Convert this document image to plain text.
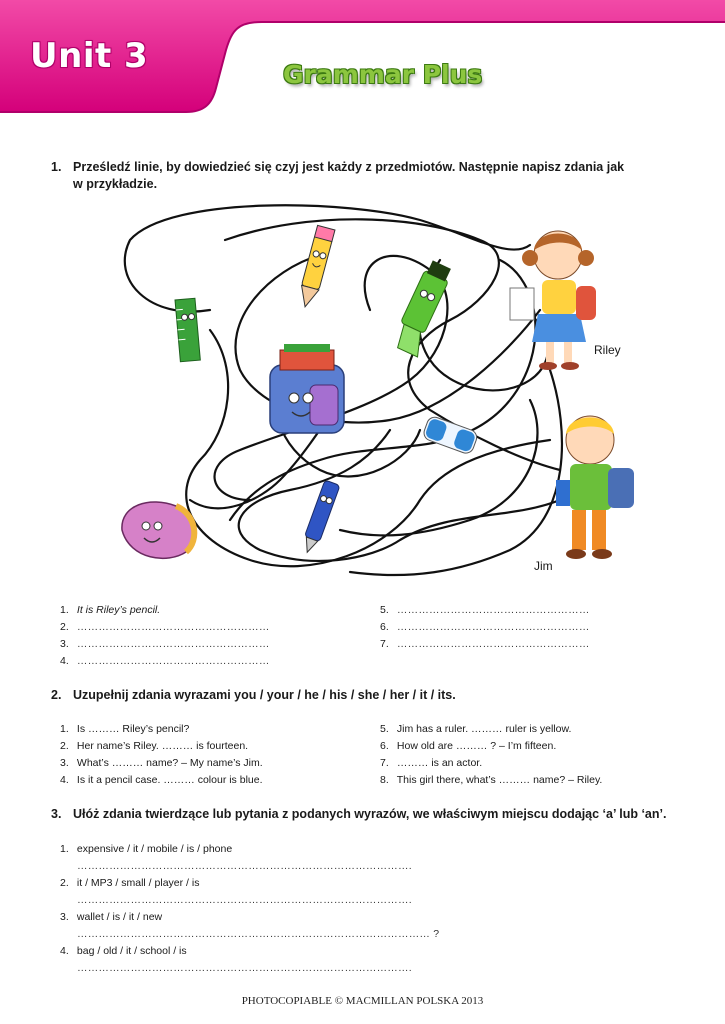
Unit 3	Grammar Plus
1. Prześledź linie, by dowiedzieć się czyj jest każdy z przedmiotów. Następnie napisz zdania jak
w przykładzie.
Riley
Jim
1. It is Riley’s pencil.
2. ………………………………………………
3. ………………………………………………
4. ………………………………………………
5. ………………………………………………
6. ………………………………………………
7. ………………………………………………
2. Uzupełnij zdania wyrazami you / your / he / his / she / her / it / its.
1. Is ……… Riley’s pencil?
2. Her name’s Riley. ……… is fourteen.
3. What’s ……… name? – My name’s Jim.
4. Is it a pencil case. ……… colour is blue.
5. Jim has a ruler. ……… ruler is yellow.
6. How old are ……… ? – I’m fifteen.
7. ……… is an actor.
8. This girl there, what’s ……… name? – Riley.
3. Ułóż zdania twierdzące lub pytania z podanych wyrazów, we właściwym miejscu dodając ‘a’ lub ‘an’.
1. expensive / it / mobile / is / phone
………………………………………………………………………………….
2. it / MP3 / small / player / is
………………………………………………………………………………….
3. wallet / is / it / new
……………………………………………………………………………………… ?
4. bag / old / it / school / is
………………………………………………………………………………….
PHOTOCOPIABLE © MACMILLAN POLSKA 2013
